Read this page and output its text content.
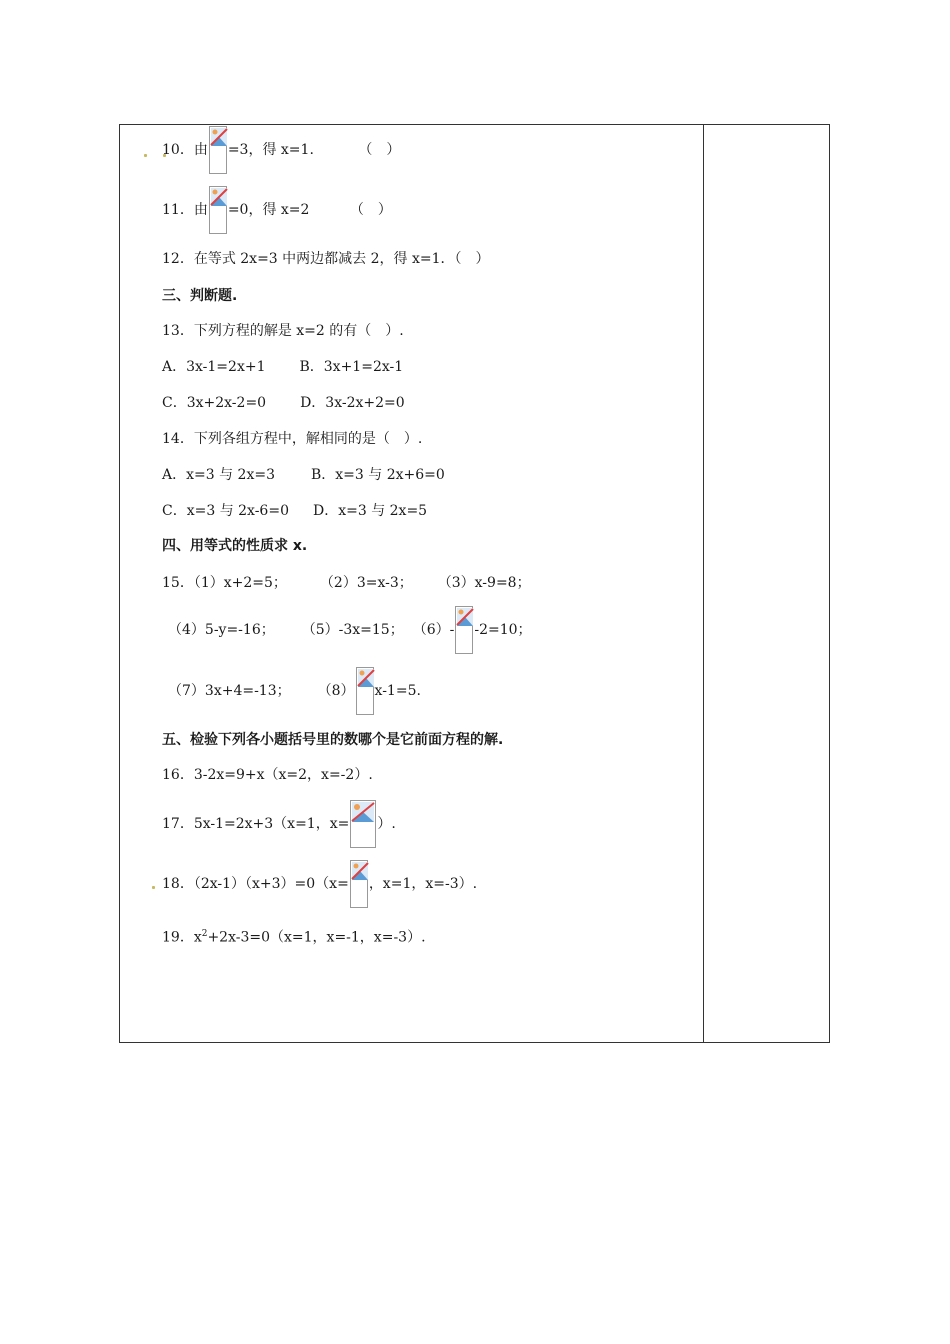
10．由 =3，得 x=1.	（　）
11．由 =0，得 x=2	（　）
12．在等式 2x=3 中两边都减去 2，得 x=1．（　）
三、判断题.
13．下列方程的解是 x=2 的有（　）.
A．3x-1=2x+1 B．3x+1=2x-1
C．3x+2x-2=0 D．3x-2x+2=0
14．下列各组方程中，解相同的是（　）.
A．x=3 与 2x=3	B．x=3 与 2x+6=0
C．x=3 与 2x-6=0 D．x=3 与 2x=5
四、用等式的性质求 x.
15．（1）x+2=5；	（2）3=x-3； （3）x-9=8；
（4）5-y=-16； （5）-3x=15； （6）- -2=10；
（7）3x+4=-13； （8） x-1=5.
五、检验下列各小题括号里的数哪个是它前面方程的解.
16．3-2x=9+x（x=2，x=-2）.
17．5x-1=2x+3（x=1，x= ）.
18．（2x-1）（x+3）=0（x= ，x=1，x=-3）.
19．$x^2+2x-3=0(x=1$，x=-1，x=-3）.
